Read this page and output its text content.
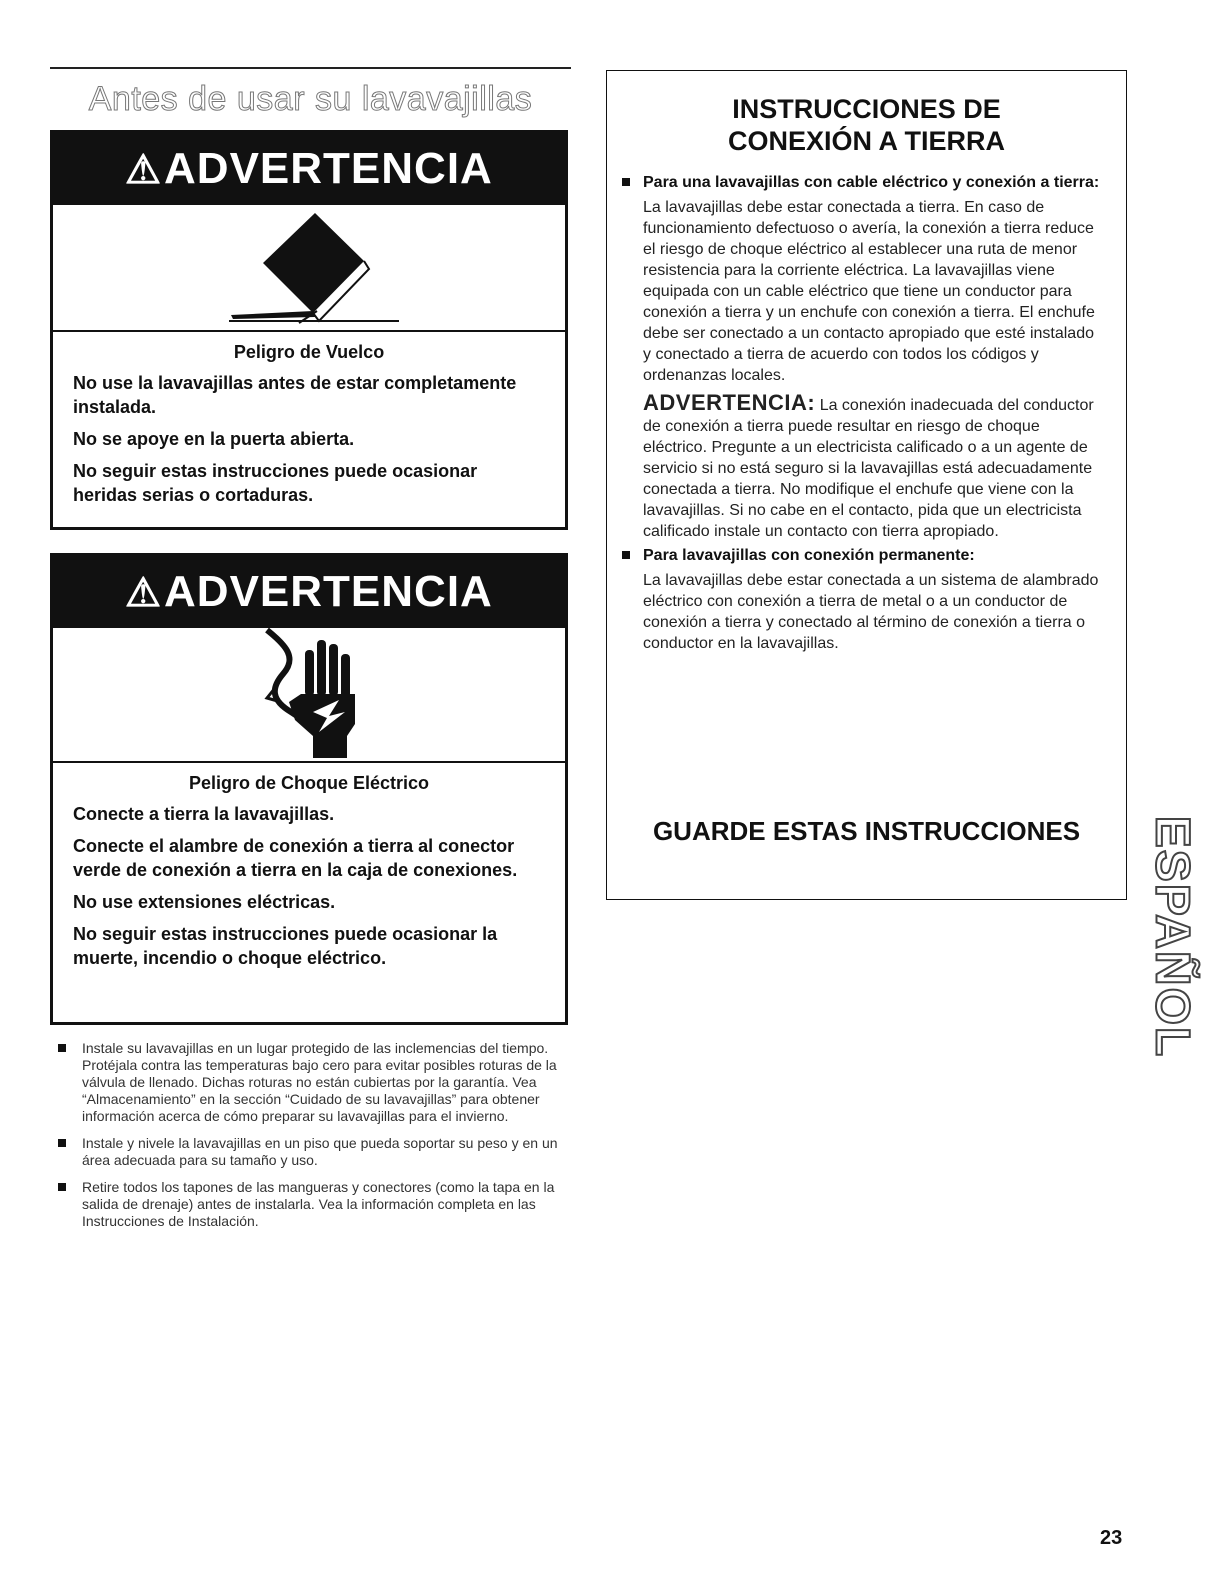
Antes de usar su lavavajillas
⚠ADVERTENCIA

Peligro de Vuelco

No use la lavavajillas antes de estar completamente instalada.

No se apoye en la puerta abierta.

No seguir estas instrucciones puede ocasionar heridas serias o cortaduras.

⚠ADVERTENCIA

Peligro de Choque Eléctrico

Conecte a tierra la lavavajillas.

Conecte el alambre de conexión a tierra al conector verde de conexión a tierra en la caja de conexiones.

No use extensiones eléctricas.

No seguir estas instrucciones puede ocasionar la muerte, incendio o choque eléctrico.

Instale su lavavajillas en un lugar protegido de las inclemencias del tiempo. Protéjala contra las temperaturas bajo cero para evitar posibles roturas de la válvula de llenado. Dichas roturas no están cubiertas por la garantía. Vea “Almacenamiento” en la sección “Cuidado de su lavavajillas” para obtener información acerca de cómo preparar su lavavajillas para el invierno.
Instale y nivele la lavavajillas en un piso que pueda soportar su peso y en un área adecuada para su tamaño y uso.
Retire todos los tapones de las mangueras y conectores (como la tapa en la salida de drenaje) antes de instalarla. Vea la información completa en las Instrucciones de Instalación.
INSTRUCCIONES DE
CONEXIÓN A TIERRA

Para una lavavajillas con cable eléctrico y conexión a tierra:

La lavavajillas debe estar conectada a tierra. En caso de funcionamiento defectuoso o avería, la conexión a tierra reduce el riesgo de choque eléctrico al establecer una ruta de menor resistencia para la corriente eléctrica. La lavavajillas viene equipada con un cable eléctrico que tiene un conductor para conexión a tierra y un enchufe con conexión a tierra. El enchufe debe ser conectado a un contacto apropiado que esté instalado y conectado a tierra de acuerdo con todos los códigos y ordenanzas locales.

ADVERTENCIA: La conexión inadecuada del conductor de conexión a tierra puede resultar en riesgo de choque eléctrico. Pregunte a un electricista calificado o a un agente de servicio si no está seguro si la lavavajillas está adecuadamente conectada a tierra. No modifique el enchufe que viene con la lavavajillas. Si no cabe en el contacto, pida que un electricista calificado instale un contacto con tierra apropiado.

Para lavavajillas con conexión permanente:

La lavavajillas debe estar conectada a un sistema de alambrado eléctrico con conexión a tierra de metal o a un conductor de conexión a tierra y conectado al término de conexión a tierra o conductor en la lavavajillas.

GUARDE ESTAS INSTRUCCIONES	ESPAÑOL
23
